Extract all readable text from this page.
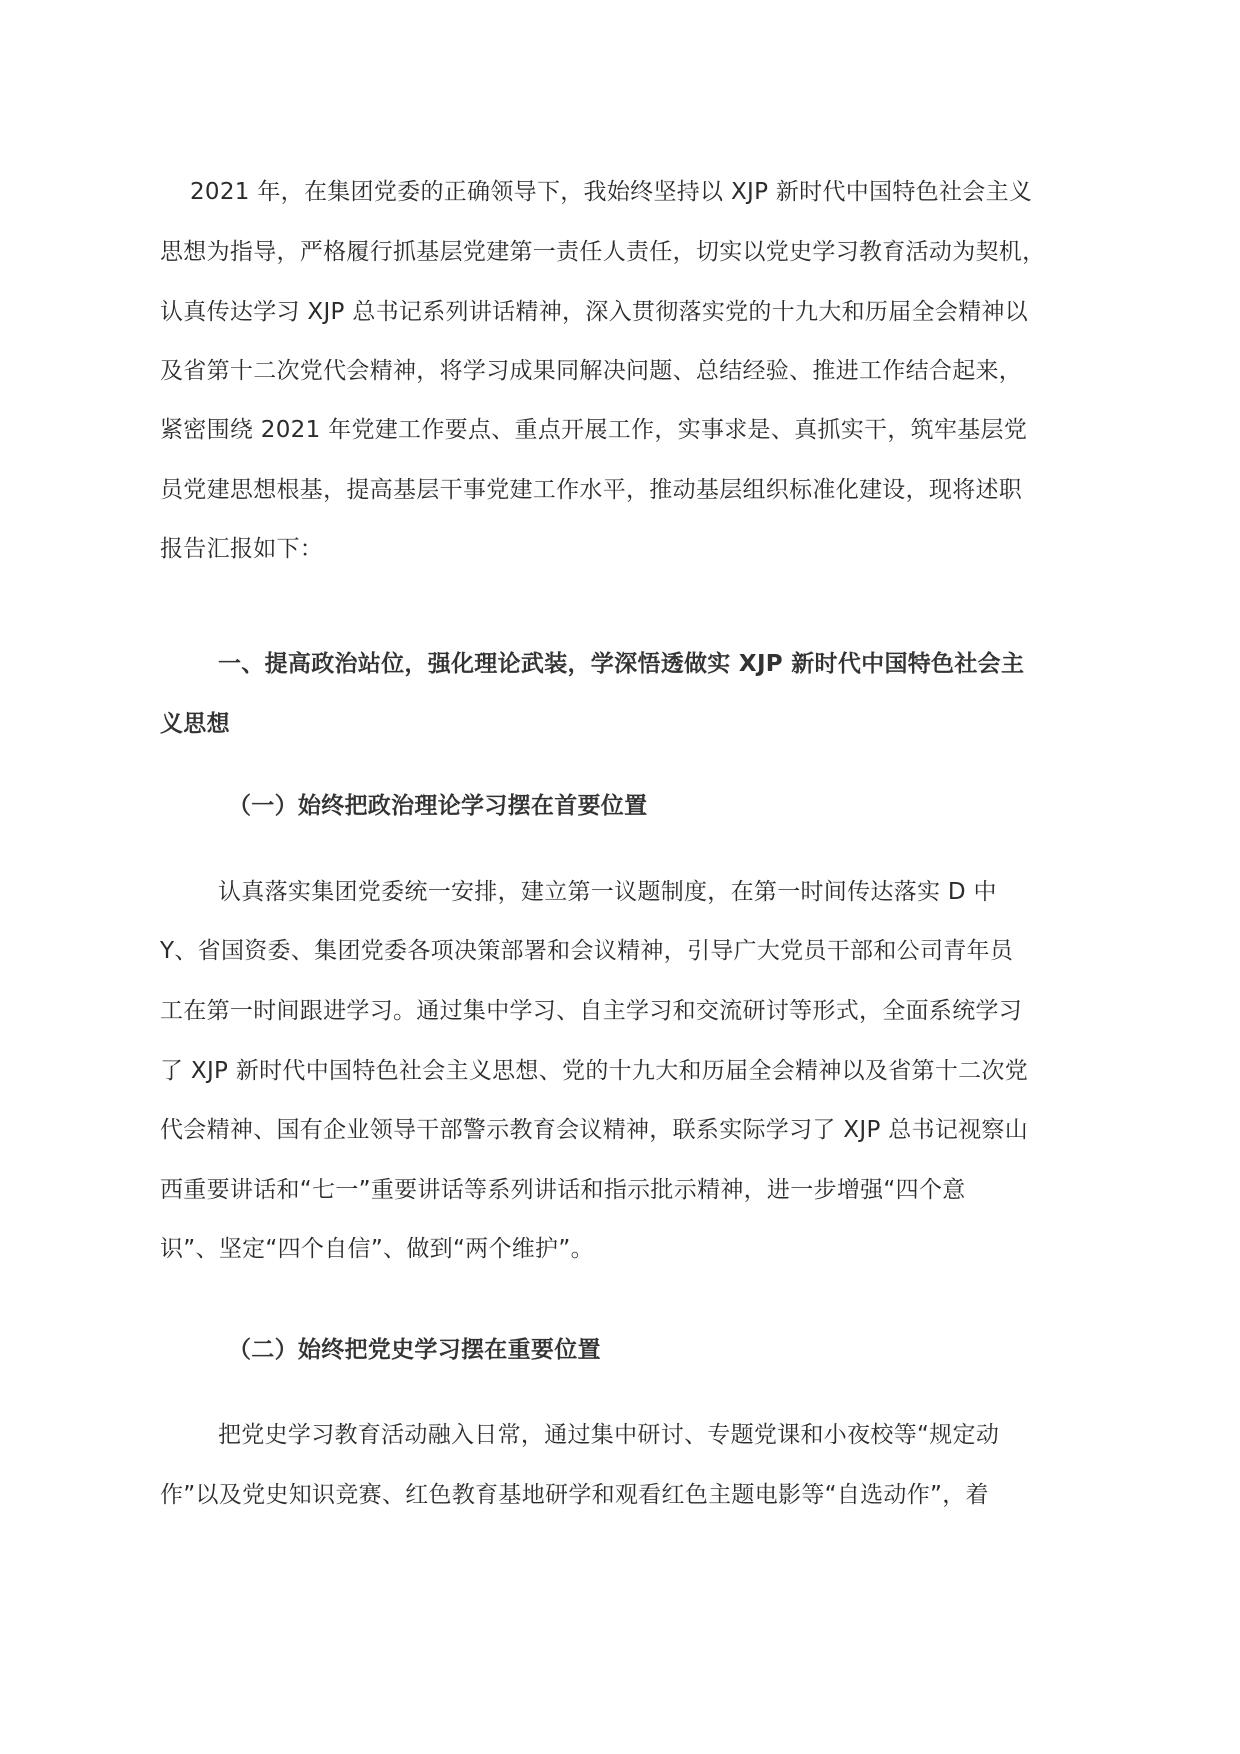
2021 年，在集团党委的正确领导下，我始终坚持以 XJP 新时代中国特色社会主义
思想为指导，严格履行抓基层党建第一责任人责任，切实以党史学习教育活动为契机，
认真传达学习 XJP 总书记系列讲话精神，深入贯彻落实党的十九大和历届全会精神以
及省第十二次党代会精神，将学习成果同解决问题、总结经验、推进工作结合起来，
紧密围绕 2021 年党建工作要点、重点开展工作，实事求是、真抓实干，筑牢基层党
员党建思想根基，提高基层干事党建工作水平，推动基层组织标准化建设，现将述职
报告汇报如下：
一、提高政治站位，强化理论武装，学深悟透做实 XJP 新时代中国特色社会主
义思想
（一）始终把政治理论学习摆在首要位置
认真落实集团党委统一安排，建立第一议题制度，在第一时间传达落实 D 中
Y、省国资委、集团党委各项决策部署和会议精神，引导广大党员干部和公司青年员
工在第一时间跟进学习。通过集中学习、自主学习和交流研讨等形式，全面系统学习
了 XJP 新时代中国特色社会主义思想、党的十九大和历届全会精神以及省第十二次党
代会精神、国有企业领导干部警示教育会议精神，联系实际学习了 XJP 总书记视察山
西重要讲话和“七一”重要讲话等系列讲话和指示批示精神，进一步增强“四个意
识”、坚定“四个自信”、做到“两个维护”。
（二）始终把党史学习摆在重要位置
把党史学习教育活动融入日常，通过集中研讨、专题党课和小夜校等“规定动
作”以及党史知识竞赛、红色教育基地研学和观看红色主题电影等“自选动作”，着
